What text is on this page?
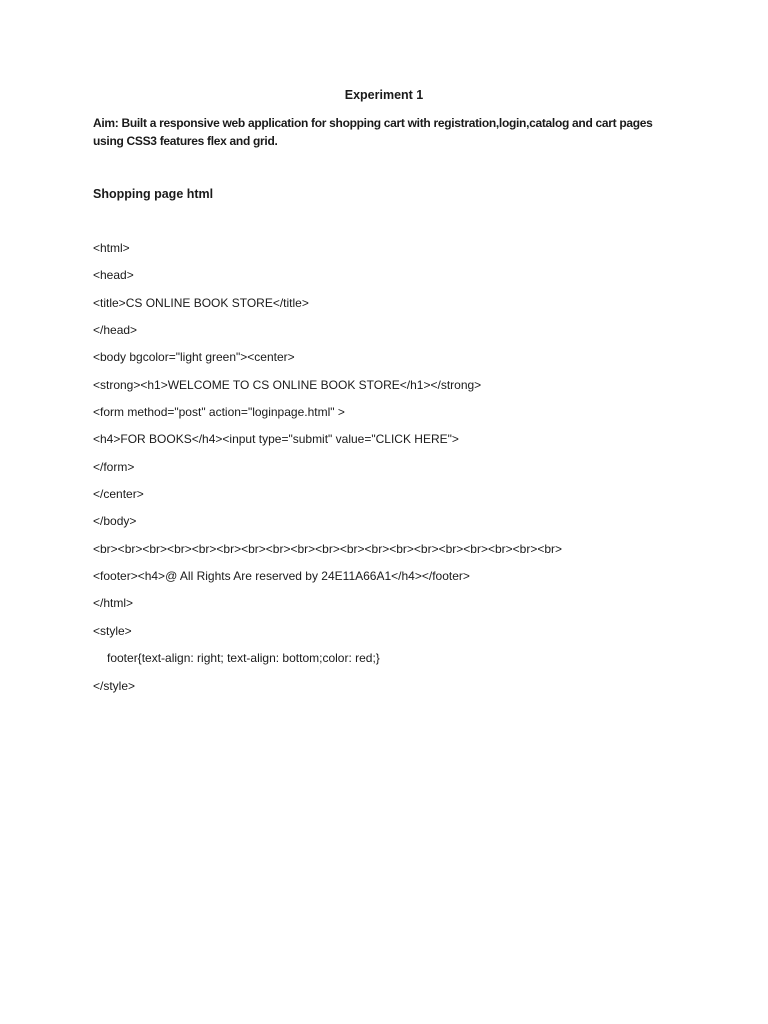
Experiment 1

Aim: Built a responsive web application for shopping cart with registration,login,catalog and cart pages using CSS3 features flex and grid.

Shopping page html

<html>

<head>

<title>CS ONLINE BOOK STORE</title>

</head>

<body bgcolor="light green"><center>

<strong><h1>WELCOME TO CS ONLINE BOOK STORE</h1></strong>

<form method="post" action="loginpage.html" >

<h4>FOR BOOKS</h4><input type="submit" value="CLICK HERE">

</form>

</center>

</body>

<br><br><br><br><br><br><br><br><br><br><br><br><br><br><br><br><br><br><br>

<footer><h4>@ All Rights Are reserved by 24E11A66A1</h4></footer>

</html>

<style>

footer{text-align: right; text-align: bottom;color: red;}

</style>
